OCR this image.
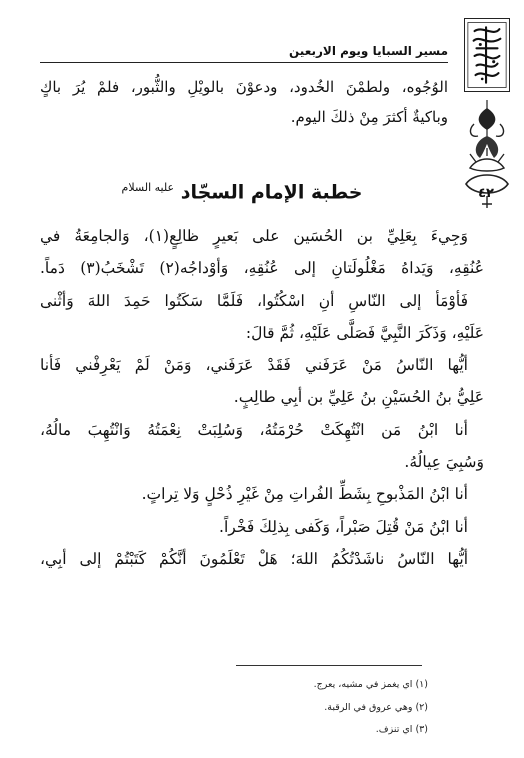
٤٢
مسير السبايا ويوم الاربعين
الوُجُوه، ولطمْنَ الخُدود، ودعوْنَ بالويْلِ والثُّبور، فلمْ يُرَ باكٍ
وباكيةٌ أكثرَ مِنْ ذلكَ اليوم.
خطبة الإمام السجّاد $^{عليه السلام}$
وَجِيءَ بِعَلِيِّ بن الحُسَين على بَعيرٍ ظالِعٍ(١)، وَالجامِعَةُ في
عُنُقِهِ، وَيَداهُ مَغْلُولَتانِ إلى عُنُقِهِ، وَأوْداجُه(٢) تَشْخَبُ(٣) دَماً.
فَأوْمَأ إلى النّاسِ أنِ اسْكُتُوا، فَلَمَّا سَكَتُوا حَمِدَ اللهَ وَأثْنى
عَلَيْهِ، وَذَكَرَ النَّبِيَّ فَصَلَّى عَلَيْهِ، ثُمَّ قالَ:
أيُّها النّاسُ مَنْ عَرَفَني فَقَدْ عَرَفَني، وَمَنْ لَمْ يَعْرِفْني فَأنا
عَلِيُّ بنُ الحُسَيْنِ بنُ عَلِيِّ بن أبِي طالِبٍ.
أنا ابْنُ مَن انْتُهِكَتْ حُرْمَتُهُ، وَسُلِبَتْ نِعْمَتُهُ وَانْتُهِبَ مالُهُ،
وَسُبِيَ عِيالُهُ.
أنا ابْنُ المَذْبوحِ بِشَطِّ الفُراتِ مِنْ غَيْرِ ذُحْلٍ وَلا تِراتٍ.
أنا ابْنُ مَنْ قُتِلَ صَبْراً، وَكَفى بِذلِكَ فَخْراً.
أيُّها النّاسُ ناشَدْتُكُمُ اللهَ؛ هَلْ تَعْلَمُونَ أنَّكُمْ كَتَبْتُمْ إلى أبِي،
(١) اي يغمز في مشيه، يعرج.
(٢) وهي عروق في الرقبة.
(٣) اي تنزف.
